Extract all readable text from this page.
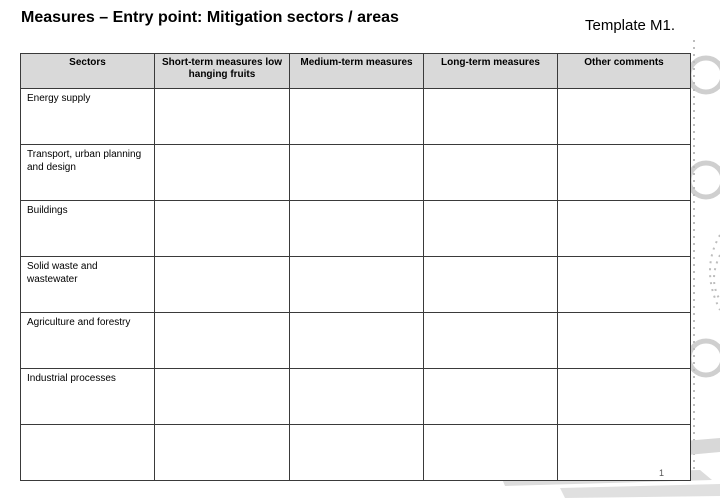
Measures – Entry point: Mitigation sectors / areas	Template M1.
Sectors	Short-term measures low hanging fruits	Medium-term measures	Long-term measures	Other comments
Energy supply				
Transport, urban planning and design				
Buildings				
Solid waste and wastewater				
Agriculture and forestry				
Industrial processes				

1
